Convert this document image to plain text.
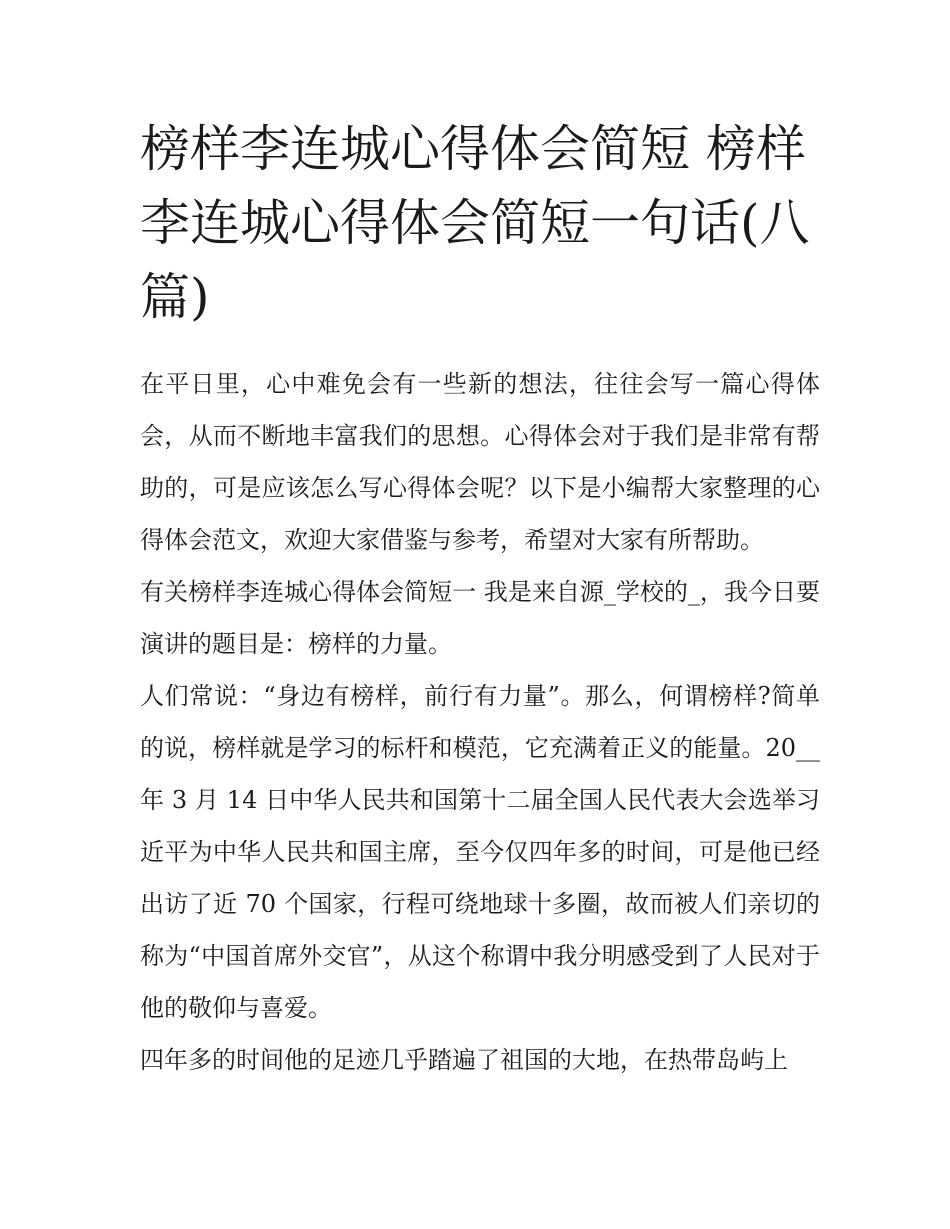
榜样李连城心得体会简短 榜样李连城心得体会简短一句话(八篇)

在平日里，心中难免会有一些新的想法，往往会写一篇心得体会，从而不断地丰富我们的思想。心得体会对于我们是非常有帮助的，可是应该怎么写心得体会呢？以下是小编帮大家整理的心得体会范文，欢迎大家借鉴与参考，希望对大家有所帮助。

有关榜样李连城心得体会简短一 我是来自源_学校的_，我今日要演讲的题目是：榜样的力量。

人们常说：“身边有榜样，前行有力量”。那么，何谓榜样?简单的说，榜样就是学习的标杆和模范，它充满着正义的能量。20__年 3 月 14 日中华人民共和国第十二届全国人民代表大会选举习近平为中华人民共和国主席，至今仅四年多的时间，可是他已经出访了近 70 个国家，行程可绕地球十多圈，故而被人们亲切的称为“中国首席外交官”，从这个称谓中我分明感受到了人民对于他的敬仰与喜爱。

四年多的时间他的足迹几乎踏遍了祖国的大地，在热带岛屿上
